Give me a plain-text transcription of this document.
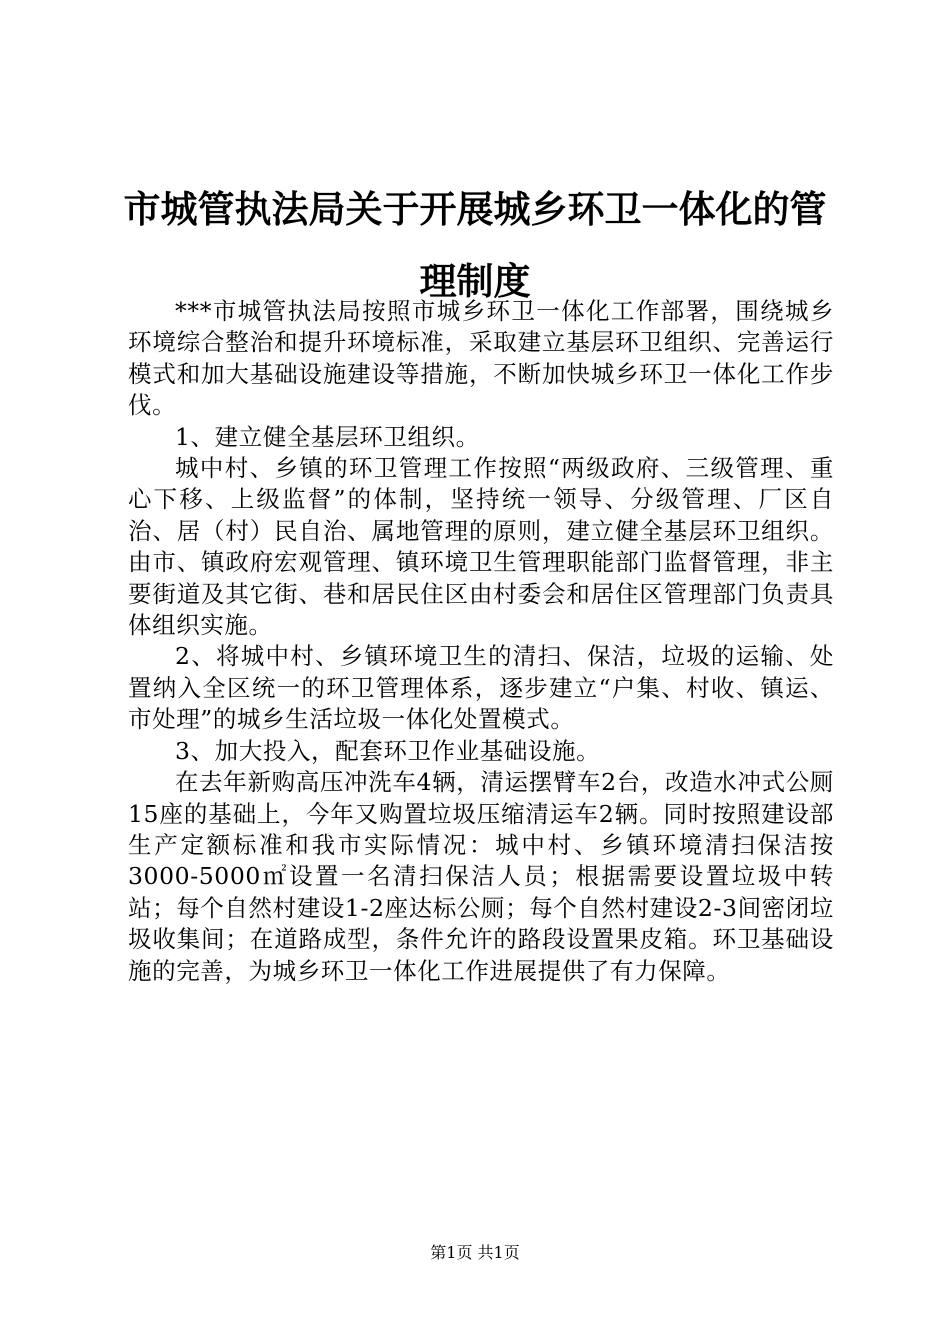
市城管执法局关于开展城乡环卫一体化的管理制度

***市城管执法局按照市城乡环卫一体化工作部署，围绕城乡环境综合整治和提升环境标准，采取建立基层环卫组织、完善运行模式和加大基础设施建设等措施，不断加快城乡环卫一体化工作步伐。

1、建立健全基层环卫组织。

城中村、乡镇的环卫管理工作按照“两级政府、三级管理、重心下移、上级监督”的体制，坚持统一领导、分级管理、厂区自治、居（村）民自治、属地管理的原则，建立健全基层环卫组织。由市、镇政府宏观管理、镇环境卫生管理职能部门监督管理，非主要街道及其它街、巷和居民住区由村委会和居住区管理部门负责具体组织实施。

2、将城中村、乡镇环境卫生的清扫、保洁，垃圾的运输、处置纳入全区统一的环卫管理体系，逐步建立“户集、村收、镇运、市处理”的城乡生活垃圾一体化处置模式。

3、加大投入，配套环卫作业基础设施。

在去年新购高压冲洗车4辆，清运摆臂车2台，改造水冲式公厕15座的基础上，今年又购置垃圾压缩清运车2辆。同时按照建设部生产定额标准和我市实际情况：城中村、乡镇环境清扫保洁按3000-5000㎡设置一名清扫保洁人员；根据需要设置垃圾中转站；每个自然村建设1-2座达标公厕；每个自然村建设2-3间密闭垃圾收集间；在道路成型，条件允许的路段设置果皮箱。环卫基础设施的完善，为城乡环卫一体化工作进展提供了有力保障。

第1页 共1页
